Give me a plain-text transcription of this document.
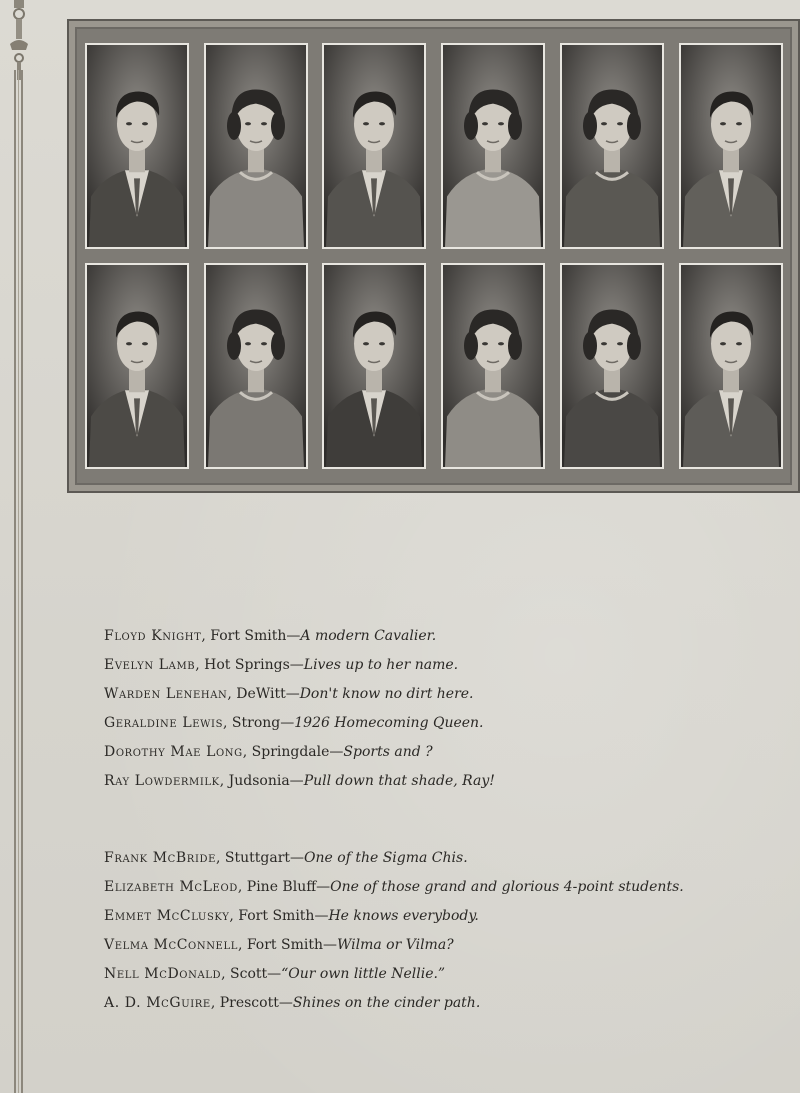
Floyd Knight, Fort Smith—A modern Cavalier.
Evelyn Lamb, Hot Springs—Lives up to her name.
Warden Lenehan, DeWitt—Don't know no dirt here.
Geraldine Lewis, Strong—1926 Homecoming Queen.
Dorothy Mae Long, Springdale—Sports and ?
Ray Lowdermilk, Judsonia—Pull down that shade, Ray!
Frank McBride, Stuttgart—One of the Sigma Chis.
Elizabeth McLeod, Pine Bluff—One of those grand and glorious 4-point students.
Emmet McClusky, Fort Smith—He knows everybody.
Velma McConnell, Fort Smith—Wilma or Vilma?
Nell McDonald, Scott—“Our own little Nellie.”
A. D. McGuire, Prescott—Shines on the cinder path.
